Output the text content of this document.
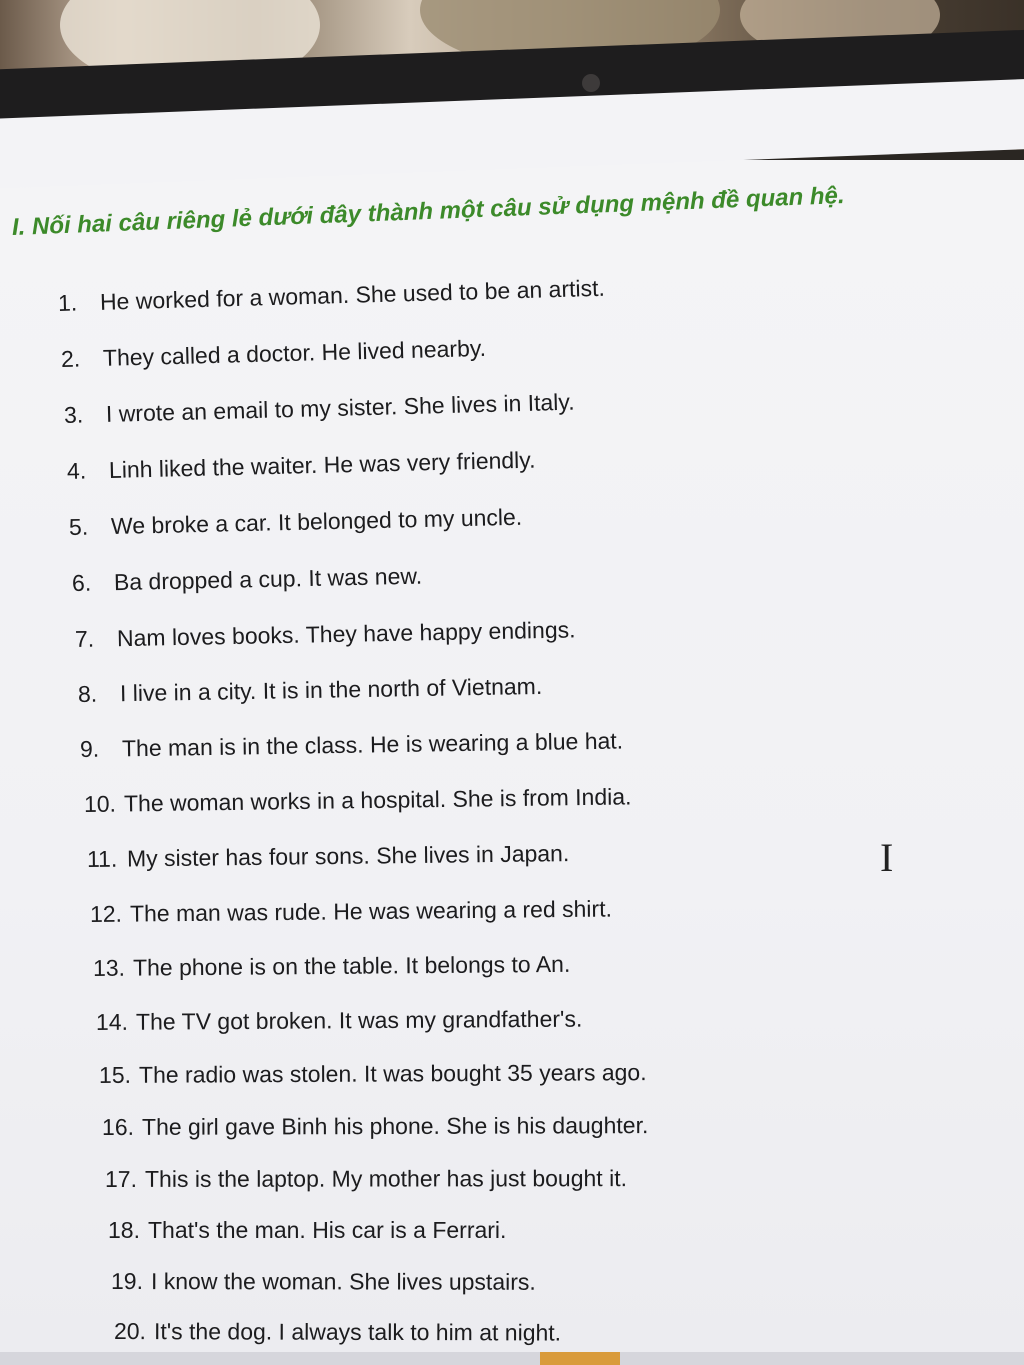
I. Nối hai câu riêng lẻ dưới đây thành một câu sử dụng mệnh đề quan hệ.
1. He worked for a woman. She used to be an artist.
2. They called a doctor. He lived nearby.
3. I wrote an email to my sister. She lives in Italy.
4. Linh liked the waiter. He was very friendly.
5. We broke a car. It belonged to my uncle.
6. Ba dropped a cup. It was new.
7. Nam loves books. They have happy endings.
8. I live in a city. It is in the north of Vietnam.
9. The man is in the class. He is wearing a blue hat.
10. The woman works in a hospital. She is from India.
11. My sister has four sons. She lives in Japan.
12. The man was rude. He was wearing a red shirt.
13. The phone is on the table. It belongs to An.
14. The TV got broken. It was my grandfather's.
15. The radio was stolen. It was bought 35 years ago.
16. The girl gave Binh his phone. She is his daughter.
17. This is the laptop. My mother has just bought it.
18. That's the man. His car is a Ferrari.
19. I know the woman. She lives upstairs.
20. It's the dog. I always talk to him at night.
I
